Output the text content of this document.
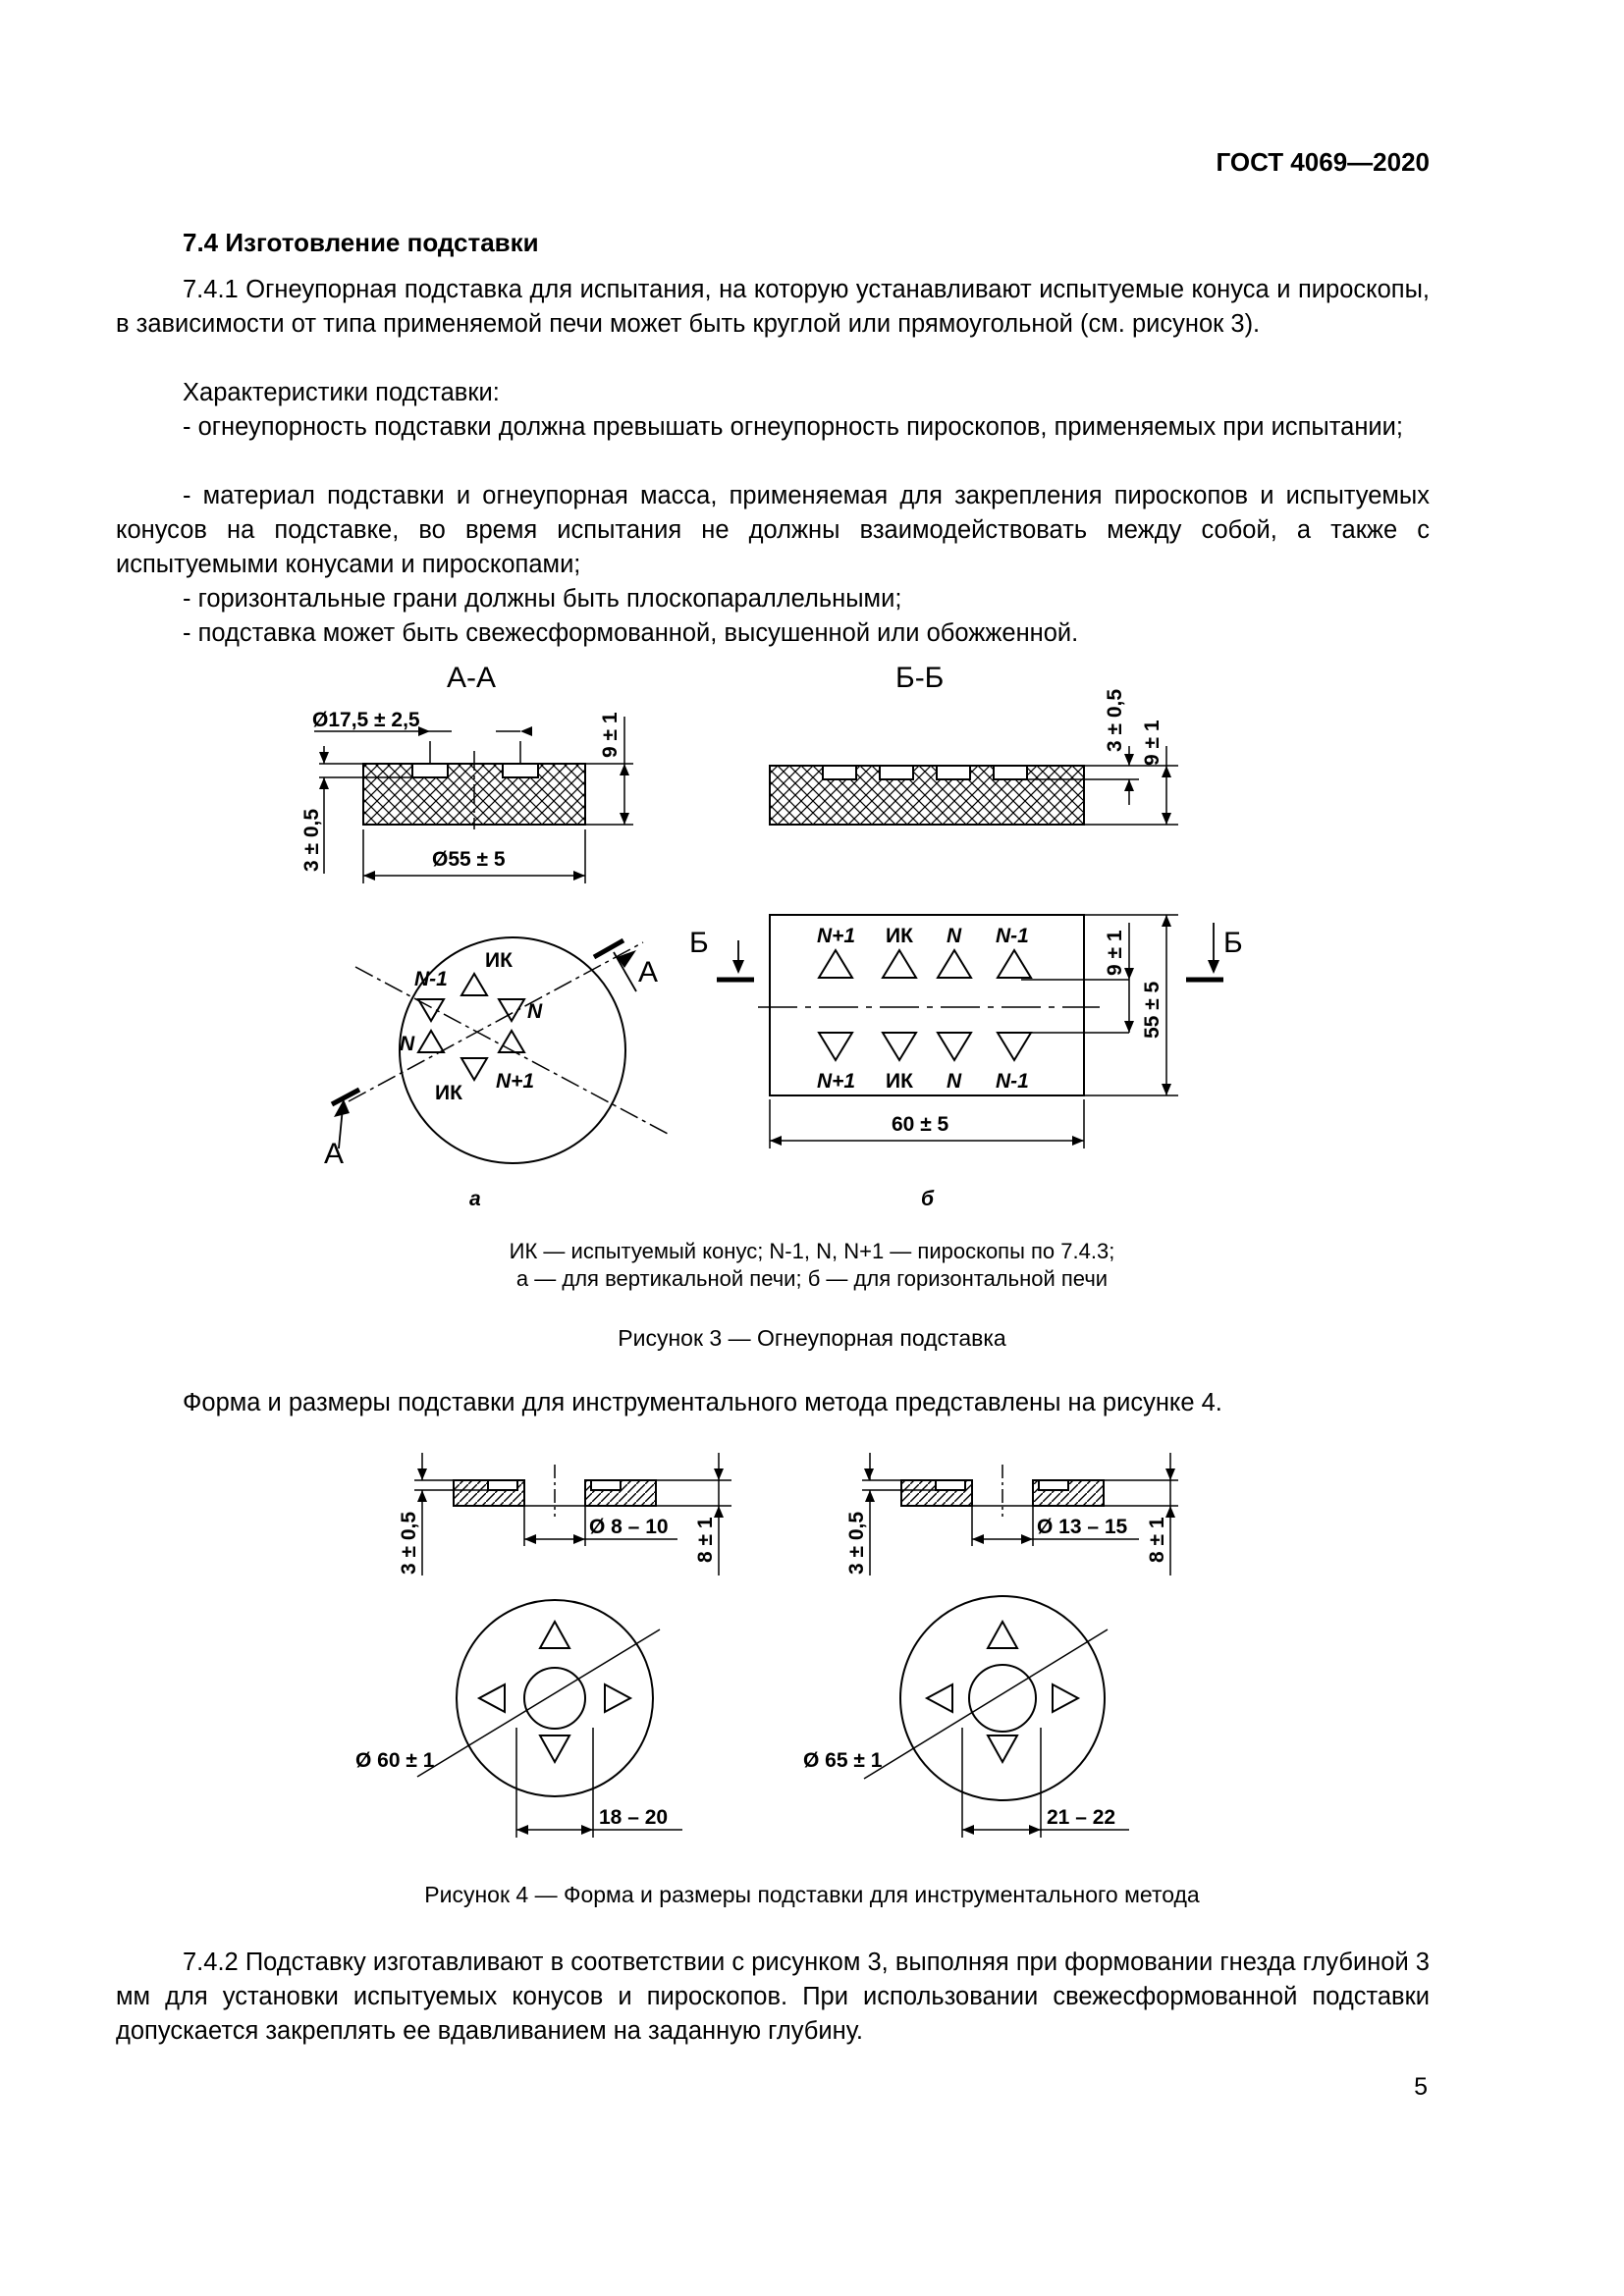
ГОСТ 4069—2020
7.4 Изготовление подставки
7.4.1 Огнеупорная подставка для испытания, на которую устанавливают испытуемые конуса и пироскопы, в зависимости от типа применяемой печи может быть круглой или прямоугольной (см. рисунок 3).
Характеристики подставки:
- огнеупорность подставки должна превышать огнеупорность пироскопов, применяемых при испытании;
- материал подставки и огнеупорная масса, применяемая для закрепления пироскопов и испытуемых конусов на подставке, во время испытания не должны взаимодействовать между собой, а также с испытуемыми конусами и пироскопами;
- горизонтальные грани должны быть плоскопараллельными;
- подставка может быть свежесформованной, высушенной или обожженной.
А-А	Б-Б
Ø17,5 ± 2,5
Ø55 ± 5
3 ± 0,5
9 ± 1	3 ± 0,5 9 ± 1
9 ± 1
55 ± 5
60 ± 5
А
А
Б	Б
ИК
N-1
N
N
N+1
ИК
N+1 ИК N N-1
N+1 ИК N N-1
а	б
Ø 8 – 10
Ø 60 ± 1
18 – 20
3 ± 0,5	8 ± 1	Ø 13 – 15
Ø 65 ± 1
21 – 22
3 ± 0,5	8 ± 1
ИК — испытуемый конус; N-1, N, N+1 — пироскопы по 7.4.3;
а — для вертикальной печи; б — для горизонтальной печи
Рисунок 3 — Огнеупорная подставка
Форма и размеры подставки для инструментального метода представлены на рисунке 4.
Рисунок 4 — Форма и размеры подставки для инструментального метода
7.4.2 Подставку изготавливают в соответствии с рисунком 3, выполняя при формовании гнезда глубиной 3 мм для установки испытуемых конусов и пироскопов. При использовании свежесформованной подставки допускается закреплять ее вдавливанием на заданную глубину.
5
